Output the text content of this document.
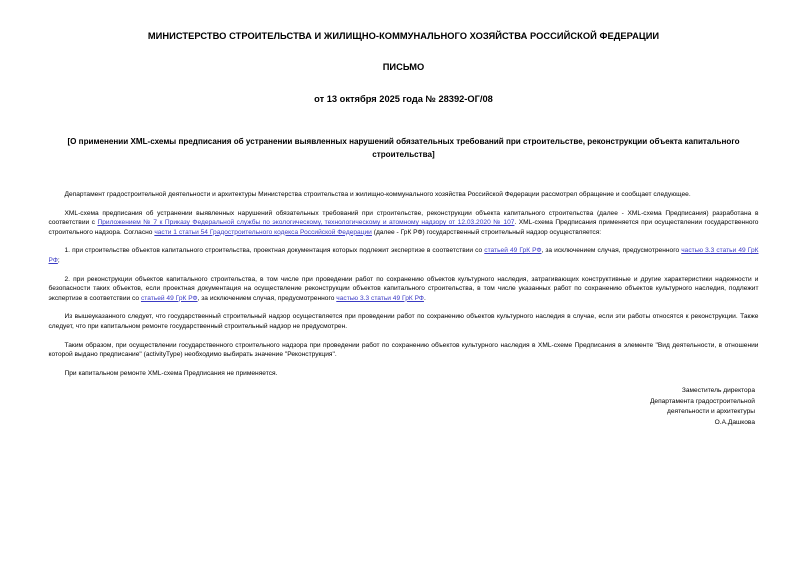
МИНИСТЕРСТВО СТРОИТЕЛЬСТВА И ЖИЛИЩНО-КОММУНАЛЬНОГО ХОЗЯЙСТВА РОССИЙСКОЙ ФЕДЕРАЦИИ
ПИСЬМО
от 13 октября 2025 года № 28392-ОГ/08
[О применении XML-схемы предписания об устранении выявленных нарушений обязательных требований при строительстве, реконструкции объекта капитального строительства]

Департамент градостроительной деятельности и архитектуры Министерства строительства и жилищно-коммунального хозяйства Российской Федерации рассмотрел обращение и сообщает следующее.

XML-схема предписания об устранении выявленных нарушений обязательных требований при строительстве, реконструкции объекта капитального строительства (далее - XML-схема Предписания) разработана в соответствии с Приложением № 7 к Приказу Федеральной службы по экологическому, технологическому и атомному надзору от 12.03.2020 № 107. XML-схема Предписания применяется при осуществлении государственного строительного надзора. Согласно части 1 статьи 54 Градостроительного кодекса Российской Федерации (далее - ГрК РФ) государственный строительный надзор осуществляется:

1. при строительстве объектов капитального строительства, проектная документация которых подлежит экспертизе в соответствии со статьей 49 ГрК РФ, за исключением случая, предусмотренного частью 3.3 статьи 49 ГрК РФ;

2. при реконструкции объектов капитального строительства, в том числе при проведении работ по сохранению объектов культурного наследия, затрагивающих конструктивные и другие характеристики надежности и безопасности таких объектов, если проектная документация на осуществление реконструкции объектов капитального строительства, в том числе указанных работ по сохранению объектов культурного наследия, подлежит экспертизе в соответствии со статьей 49 ГрК РФ, за исключением случая, предусмотренного частью 3.3 статьи 49 ГрК РФ.

Из вышеуказанного следует, что государственный строительный надзор осуществляется при проведении работ по сохранению объектов культурного наследия в случае, если эти работы относятся к реконструкции. Также следует, что при капитальном ремонте государственный строительный надзор не предусмотрен.

Таким образом, при осуществлении государственного строительного надзора при проведении работ по сохранению объектов культурного наследия в XML-схеме Предписания в элементе "Вид деятельности, в отношении которой выдано предписание" (activityType) необходимо выбирать значение "Реконструкция".

При капитальном ремонте XML-схема Предписания не применяется.

Заместитель директора
Департамента градостроительной
деятельности и архитектуры
О.А.Дашкова
